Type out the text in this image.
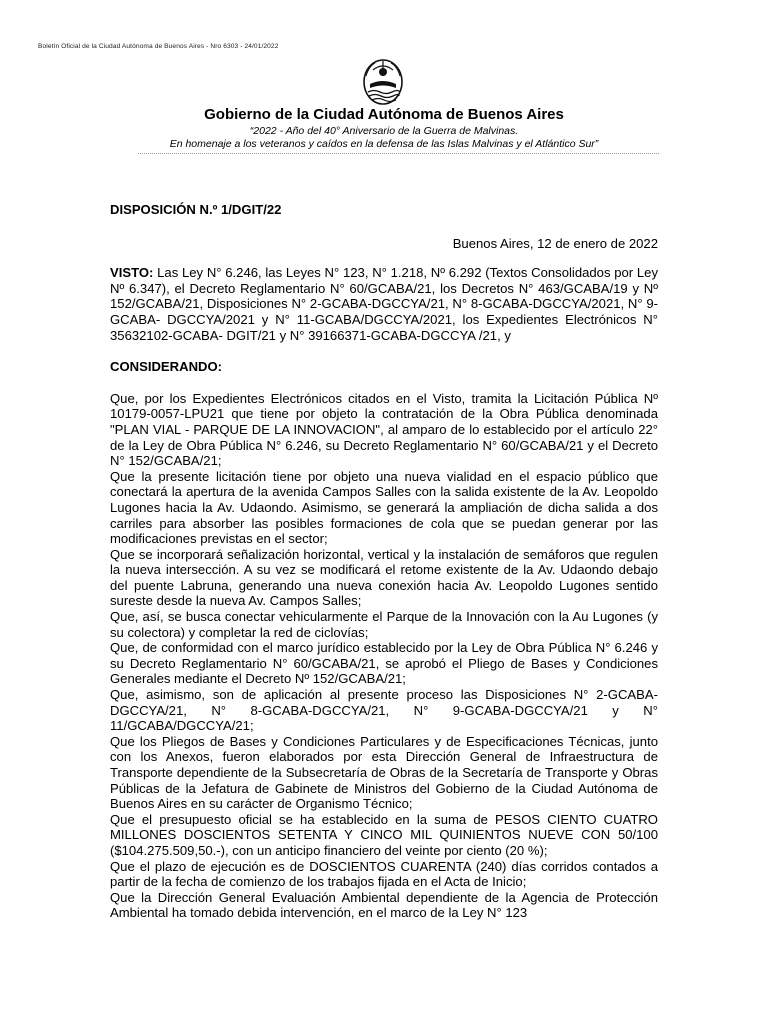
Boletín Oficial de la Ciudad Autónoma de Buenos Aires - Nro 6303 - 24/01/2022
Gobierno de la Ciudad Autónoma de Buenos Aires
“2022 - Año del 40° Aniversario de la Guerra de Malvinas.
En homenaje a los veteranos y caídos en la defensa de las Islas Malvinas y el Atlántico Sur”

DISPOSICIÓN N.º 1/DGIT/22

Buenos Aires, 12 de enero de 2022

VISTO: Las Ley N° 6.246, las Leyes N° 123, N° 1.218, Nº 6.292 (Textos Consolidados por Ley Nº 6.347), el Decreto Reglamentario N° 60/GCABA/21, los Decretos N° 463/GCABA/19 y Nº 152/GCABA/21, Disposiciones N° 2-GCABA-DGCCYA/21, N° 8-GCABA-DGCCYA/2021, N° 9-GCABA- DGCCYA/2021 y N° 11-GCABA/DGCCYA/2021, los Expedientes Electrónicos N° 35632102-GCABA- DGIT/21 y N° 39166371-GCABA-DGCCYA /21, y

CONSIDERANDO:

Que, por los Expedientes Electrónicos citados en el Visto, tramita la Licitación Pública Nº 10179-0057-LPU21 que tiene por objeto la contratación de la Obra Pública denominada "PLAN VIAL - PARQUE DE LA INNOVACION", al amparo de lo establecido por el artículo 22° de la Ley de Obra Pública N° 6.246, su Decreto Reglamentario N° 60/GCABA/21 y el Decreto N° 152/GCABA/21;

Que la presente licitación tiene por objeto una nueva vialidad en el espacio público que conectará la apertura de la avenida Campos Salles con la salida existente de la Av. Leopoldo Lugones hacia la Av. Udaondo. Asimismo, se generará la ampliación de dicha salida a dos carriles para absorber las posibles formaciones de cola que se puedan generar por las modificaciones previstas en el sector;

Que se incorporará señalización horizontal, vertical y la instalación de semáforos que regulen la nueva intersección. A su vez se modificará el retome existente de la Av. Udaondo debajo del puente Labruna, generando una nueva conexión hacia Av. Leopoldo Lugones sentido sureste desde la nueva Av. Campos Salles;

Que, así, se busca conectar vehicularmente el Parque de la Innovación con la Au Lugones (y su colectora) y completar la red de ciclovías;

Que, de conformidad con el marco jurídico establecido por la Ley de Obra Pública N° 6.246 y su Decreto Reglamentario N° 60/GCABA/21, se aprobó el Pliego de Bases y Condiciones Generales mediante el Decreto Nº 152/GCABA/21;

Que, asimismo, son de aplicación al presente proceso las Disposiciones N° 2-GCABA-DGCCYA/21, N° 8-GCABA-DGCCYA/21, N° 9-GCABA-DGCCYA/21 y N° 11/GCABA/DGCCYA/21;

Que los Pliegos de Bases y Condiciones Particulares y de Especificaciones Técnicas, junto con los Anexos, fueron elaborados por esta Dirección General de Infraestructura de Transporte dependiente de la Subsecretaría de Obras de la Secretaría de Transporte y Obras Públicas de la Jefatura de Gabinete de Ministros del Gobierno de la Ciudad Autónoma de Buenos Aires en su carácter de Organismo Técnico;

Que el presupuesto oficial se ha establecido en la suma de PESOS CIENTO CUATRO MILLONES DOSCIENTOS SETENTA Y CINCO MIL QUINIENTOS NUEVE CON 50/100 ($104.275.509,50.-), con un anticipo financiero del veinte por ciento (20 %);

Que el plazo de ejecución es de DOSCIENTOS CUARENTA (240) días corridos contados a partir de la fecha de comienzo de los trabajos fijada en el Acta de Inicio;

Que la Dirección General Evaluación Ambiental dependiente de la Agencia de Protección Ambiental ha tomado debida intervención, en el marco de la Ley N° 123
